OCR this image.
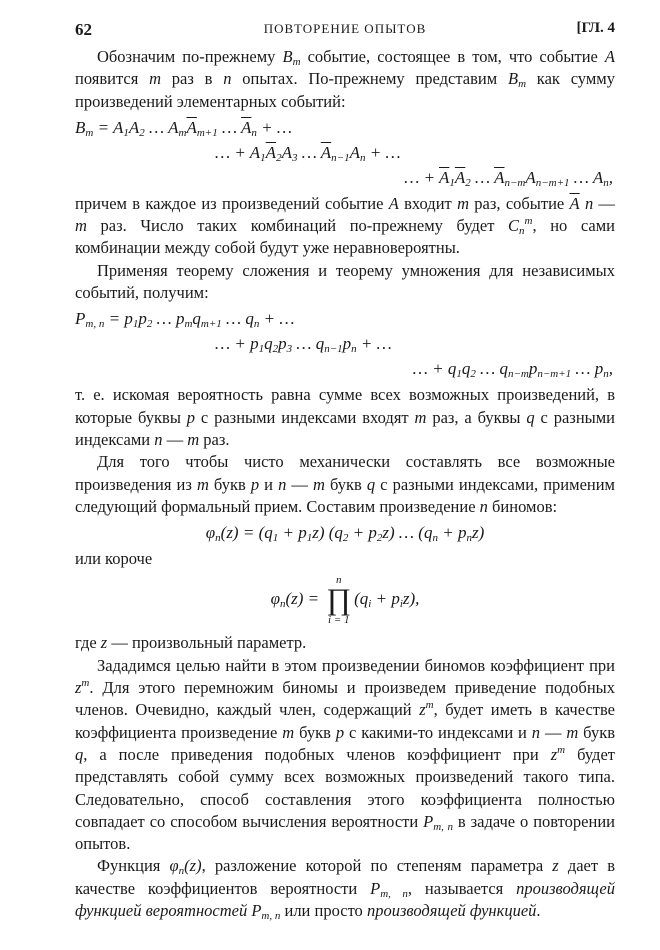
62	ПОВТОРЕНИЕ ОПЫТОВ	[ГЛ. 4

Обозначим по-прежнему $B_m$ событие, состоящее в том, что событие A появится m раз в n опытах. По-прежнему представим $B_m$ как сумму произведений элементарных событий:

$B_m = A_1A_2$ … $A_m\overline{A}_{m+1}$ … $\overline{A}_n$ + …
… + $A_1\overline{A}_2A_3$ … $\overline{A}_{n-1}A_n$ + …
… + $\overline{A}_1\overline{A}_2$ … $\overline{A}_{n-m}A_{n-m+1}$ … $A_n$,

причем в каждое из произведений событие A входит m раз, событие $\overline{A}$ n — m раз. Число таких комбинаций по-прежнему будет $C_n^m$, но сами комбинации между собой будут уже неравновероятны.

Применяя теорему сложения и теорему умножения для независимых событий, получим:

$P_{m, n} = p_1p_2$ … $p_mq_{m+1}$ … $q_n$ + …
… + $p_1q_2p_3$ … $q_{n-1}p_n$ + …
… + $q_1q_2$ … $q_{n-m}p_{n-m+1}$ … $p_n$,

т. е. искомая вероятность равна сумме всех возможных произведений, в которые буквы p с разными индексами входят m раз, а буквы q с разными индексами n — m раз.

Для того чтобы чисто механически составлять все возможные произведения из m букв p и n — m букв q с разными индексами, применим следующий формальный прием. Составим произведение n биномов:

$\varphi_n(z) = (q_1 + p_1z) (q_2 + p_2z)$ … $(q_n + p_nz)$

или короче

$\varphi_n(z)$ =
n
∏
i = 1
$(q_i + p_iz)$,

где z — произвольный параметр.

Зададимся целью найти в этом произведении биномов коэффициент при $z^m$. Для этого перемножим биномы и произведем приведение подобных членов. Очевидно, каждый член, содержащий $z^m$, будет иметь в качестве коэффициента произведение m букв p с какими-то индексами и n — m букв q, а после приведения подобных членов коэффициент при $z^m$ будет представлять собой сумму всех возможных произведений такого типа. Следовательно, способ составления этого коэффициента полностью совпадает со способом вычисления вероятности $P_{m, n}$ в задаче о повторении опытов.

Функция $\varphi_n(z)$, разложение которой по степеням параметра z дает в качестве коэффициентов вероятности $P_{m, n}$, называется производящей функцией вероятностей $P_{m, n}$ или просто производящей функцией.
